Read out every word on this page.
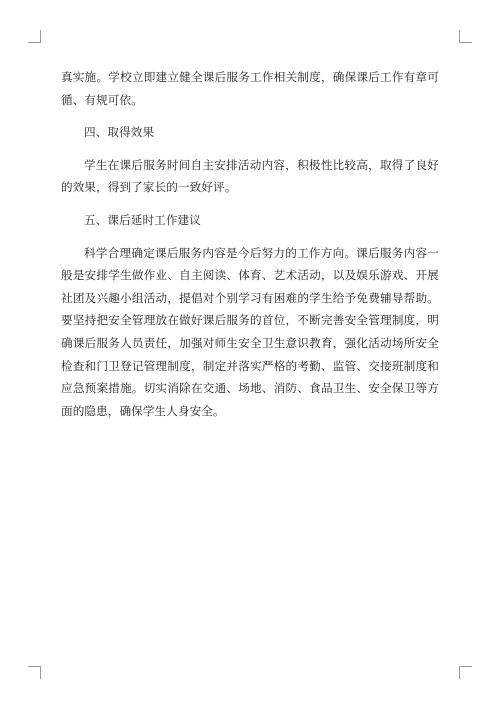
真实施。学校立即建立健全课后服务工作相关制度，确保课后工作有章可循、有规可依。

四、取得效果

学生在课后服务时间自主安排活动内容，积极性比较高，取得了良好的效果，得到了家长的一致好评。

五、课后延时工作建议

科学合理确定课后服务内容是今后努力的工作方向。课后服务内容一般是安排学生做作业、自主阅读、体育、艺术活动，以及娱乐游戏、开展社团及兴趣小组活动，提倡对个别学习有困难的学生给予免费辅导帮助。要坚持把安全管理放在做好课后服务的首位，不断完善安全管理制度，明确课后服务人员责任，加强对师生安全卫生意识教育，强化活动场所安全检查和门卫登记管理制度，制定并落实严格的考勤、监管、交接班制度和应急预案措施。切实消除在交通、场地、消防、食品卫生、安全保卫等方面的隐患，确保学生人身安全。
